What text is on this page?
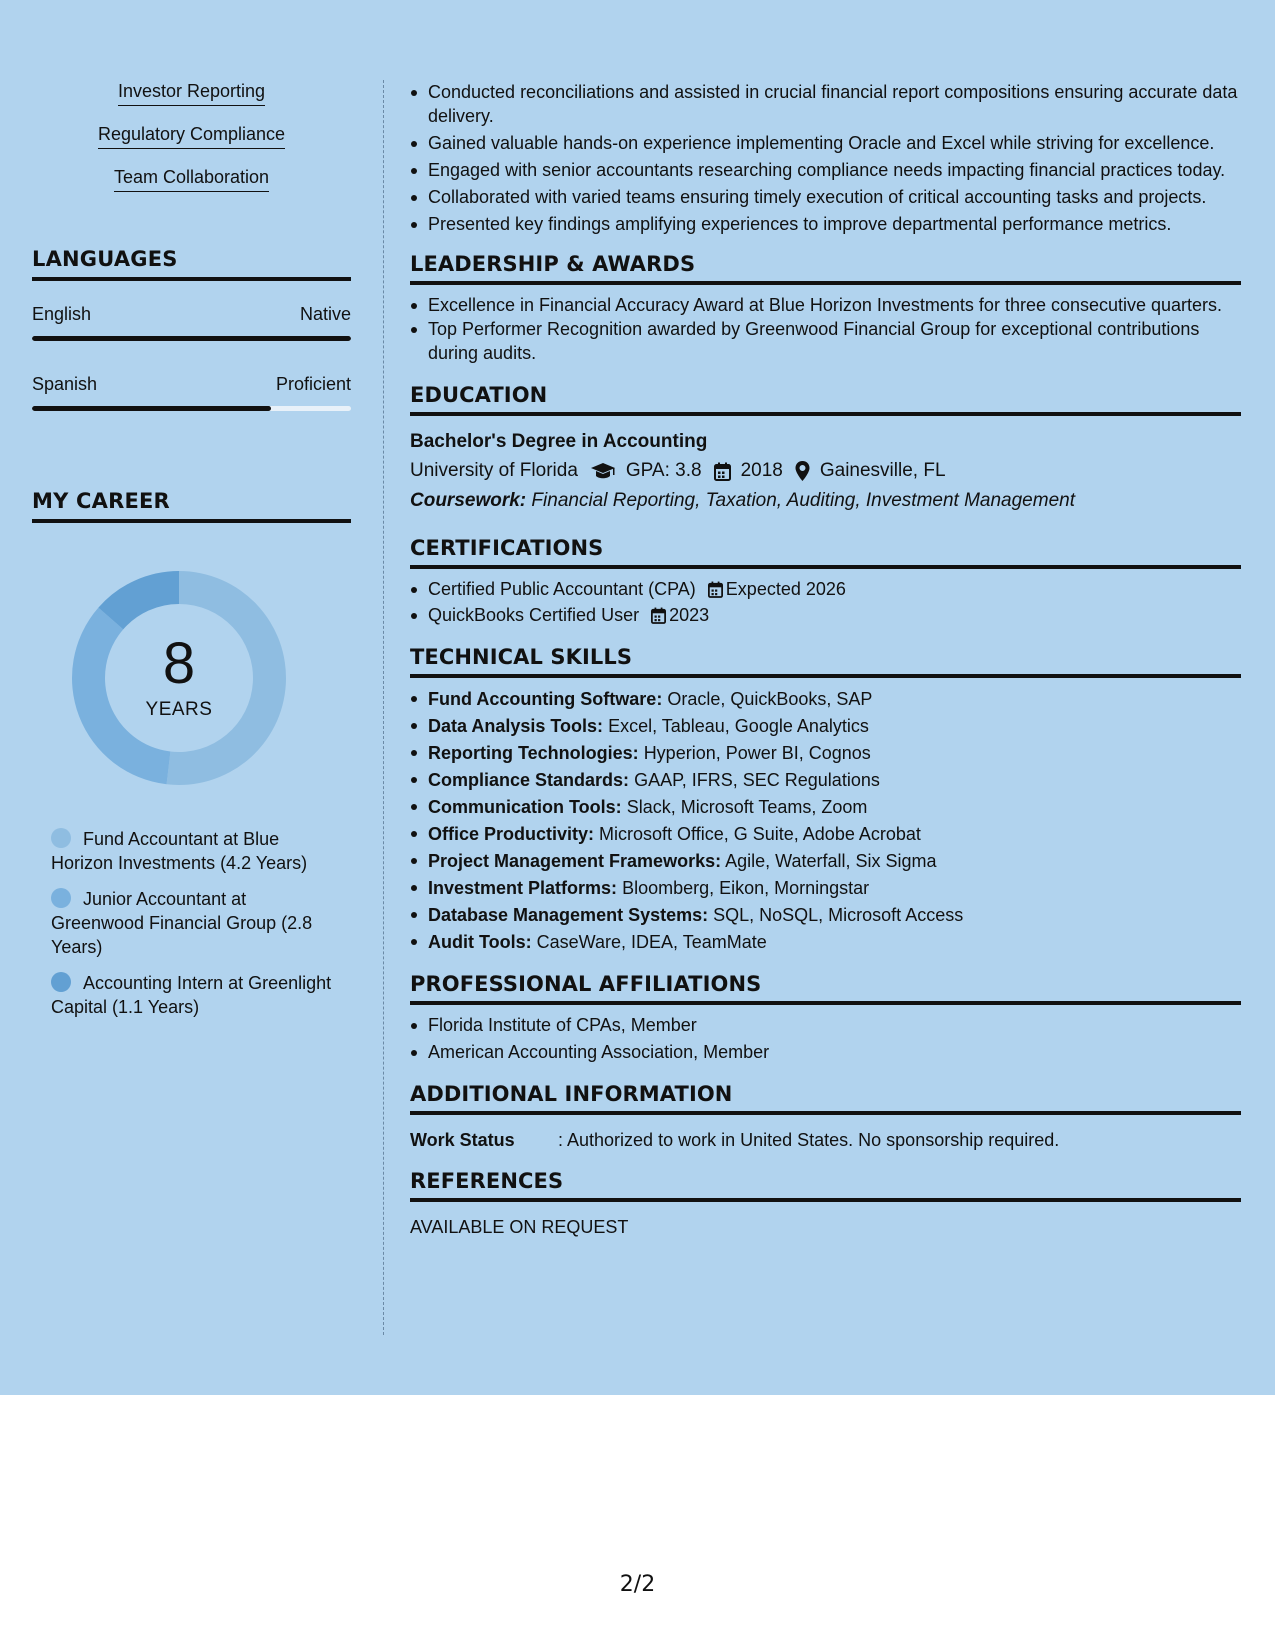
Investor Reporting
Regulatory Compliance
Team Collaboration
LANGUAGES
English	Native
Spanish	Proficient
MY CAREER
8
YEARS
Fund Accountant at Blue Horizon Investments (4.2 Years)
Junior Accountant at Greenwood Financial Group (2.8 Years)
Accounting Intern at Greenlight Capital (1.1 Years)
Conducted reconciliations and assisted in crucial financial report compositions ensuring accurate data delivery.
Gained valuable hands-on experience implementing Oracle and Excel while striving for excellence.
Engaged with senior accountants researching compliance needs impacting financial practices today.
Collaborated with varied teams ensuring timely execution of critical accounting tasks and projects.
Presented key findings amplifying experiences to improve departmental performance metrics.
LEADERSHIP & AWARDS
Excellence in Financial Accuracy Award at Blue Horizon Investments for three consecutive quarters.
Top Performer Recognition awarded by Greenwood Financial Group for exceptional contributions during audits.
EDUCATION
Bachelor's Degree in Accounting
University of Florida	GPA: 3.8 2018 Gainesville, FL
Coursework: Financial Reporting, Taxation, Auditing, Investment Management
CERTIFICATIONS
Certified Public Accountant (CPA) Expected 2026
QuickBooks Certified User 2023
TECHNICAL SKILLS
Fund Accounting Software: Oracle, QuickBooks, SAP
Data Analysis Tools: Excel, Tableau, Google Analytics
Reporting Technologies: Hyperion, Power BI, Cognos
Compliance Standards: GAAP, IFRS, SEC Regulations
Communication Tools: Slack, Microsoft Teams, Zoom
Office Productivity: Microsoft Office, G Suite, Adobe Acrobat
Project Management Frameworks: Agile, Waterfall, Six Sigma
Investment Platforms: Bloomberg, Eikon, Morningstar
Database Management Systems: SQL, NoSQL, Microsoft Access
Audit Tools: CaseWare, IDEA, TeamMate
PROFESSIONAL AFFILIATIONS
Florida Institute of CPAs, Member
American Accounting Association, Member
ADDITIONAL INFORMATION
Work Status	: Authorized to work in United States. No sponsorship required.
REFERENCES
AVAILABLE ON REQUEST
2/2
